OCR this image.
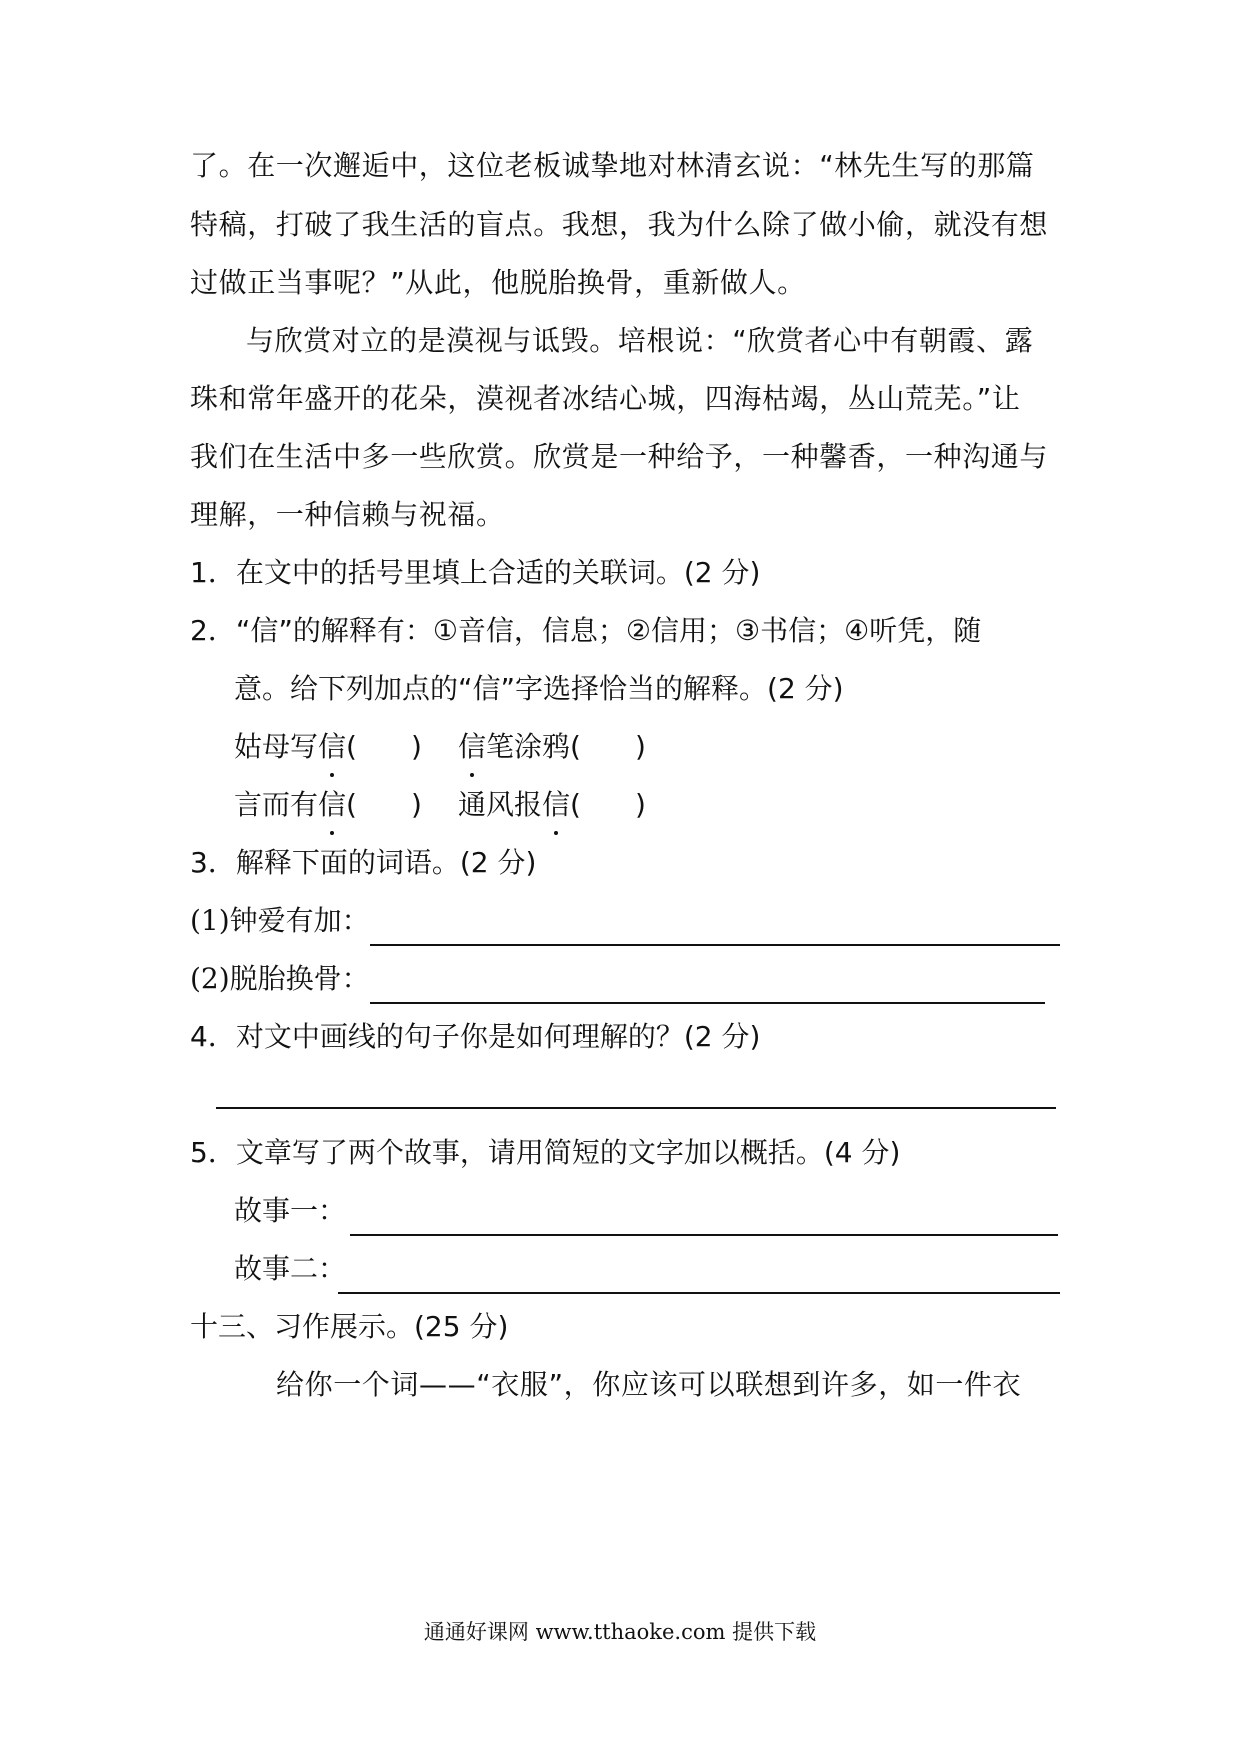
了。在一次邂逅中，这位老板诚挚地对林清玄说：“林先生写的那篇
特稿，打破了我生活的盲点。我想，我为什么除了做小偷，就没有想
过做正当事呢？”从此，他脱胎换骨，重新做人。
与欣赏对立的是漠视与诋毁。培根说：“欣赏者心中有朝霞、露
珠和常年盛开的花朵，漠视者冰结心城，四海枯竭，丛山荒芜。”让
我们在生活中多一些欣赏。欣赏是一种给予，一种馨香，一种沟通与
理解，一种信赖与祝福。
1．在文中的括号里填上合适的关联词。(2 分)
2．“信”的解释有：①音信，信息；②信用；③书信；④听凭，随
意。给下列加点的“信”字选择恰当的解释。(2 分)
姑母写信( ) 信笔涂鸦( )
言而有信( ) 通风报信( )
3．解释下面的词语。(2 分)
(1)钟爱有加：
(2)脱胎换骨：
4．对文中画线的句子你是如何理解的？(2 分)
5．文章写了两个故事，请用简短的文字加以概括。(4 分)
故事一：
故事二：
十三、习作展示。(25 分)
给你一个词——“衣服”，你应该可以联想到许多，如一件衣
通通好课网 www.tthaoke.com 提供下载
